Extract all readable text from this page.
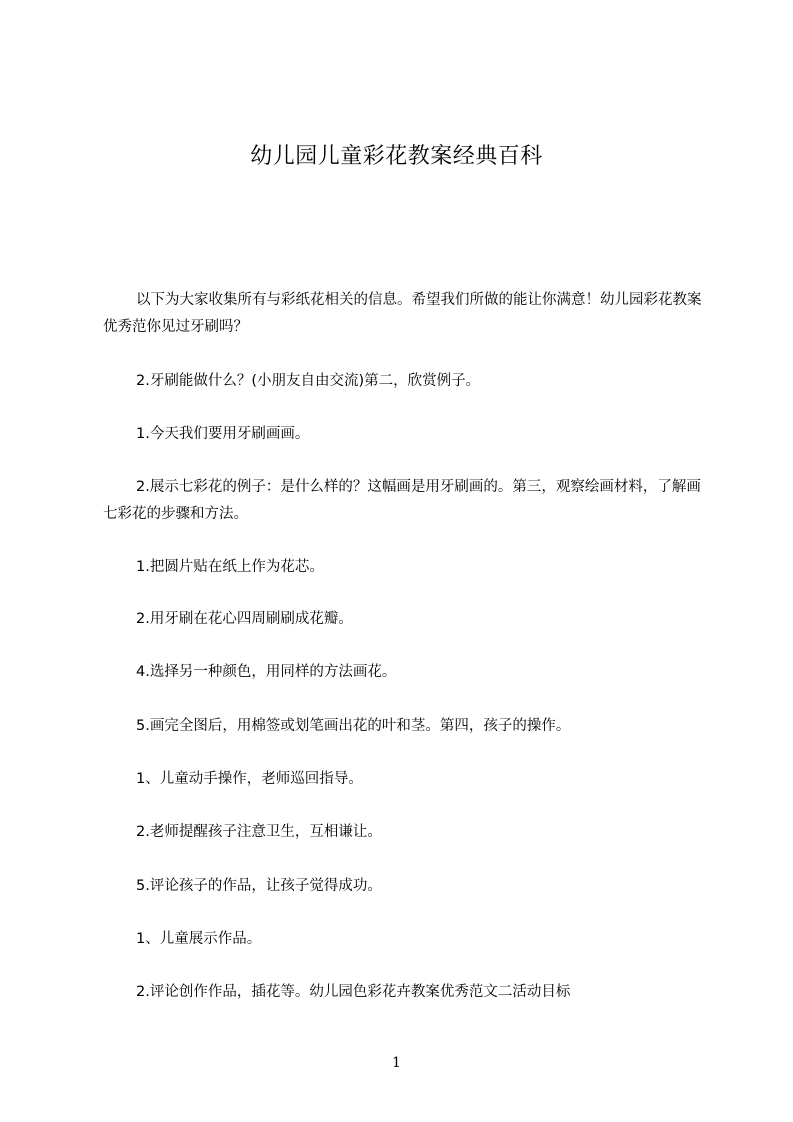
幼儿园儿童彩花教案经典百科

以下为大家收集所有与彩纸花相关的信息。希望我们所做的能让你满意！幼儿园彩花教案优秀范你见过牙刷吗？

2.牙刷能做什么？(小朋友自由交流)第二，欣赏例子。

1.今天我们要用牙刷画画。

2.展示七彩花的例子：是什么样的？这幅画是用牙刷画的。第三，观察绘画材料，了解画七彩花的步骤和方法。

1.把圆片贴在纸上作为花芯。

2.用牙刷在花心四周刷刷成花瓣。

4.选择另一种颜色，用同样的方法画花。

5.画完全图后，用棉签或划笔画出花的叶和茎。第四，孩子的操作。

1、儿童动手操作，老师巡回指导。

2.老师提醒孩子注意卫生，互相谦让。

5.评论孩子的作品，让孩子觉得成功。

1、儿童展示作品。

2.评论创作作品，插花等。幼儿园色彩花卉教案优秀范文二活动目标

1
